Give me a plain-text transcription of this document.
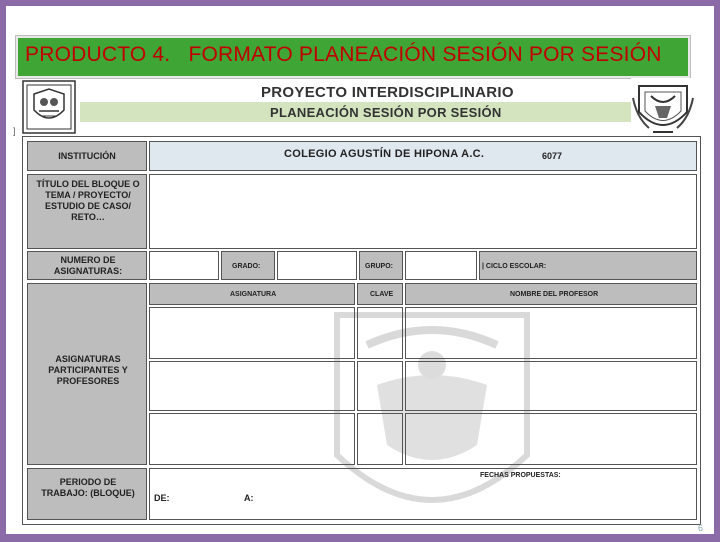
PRODUCTO 4.   FORMATO PLANEACIÓN SESIÓN POR SESIÓN
PROYECTO INTERDISCIPLINARIO
PLANEACIÓN SESIÓN POR SESIÓN
]
INSTITUCIÓN	COLEGIO AGUSTÍN DE HIPONA A.C.	6077
TÍTULO DEL BLOQUE O TEMA / PROYECTO/ ESTUDIO DE CASO/ RETO…
NUMERO DE ASIGNATURAS:	GRADO:	GRUPO:	| CICLO ESCOLAR:
ASIGNATURAS PARTICIPANTES Y PROFESORES
ASIGNATURA	CLAVE	NOMBRE DEL PROFESOR
PERIODO DE TRABAJO: (BLOQUE)
FECHAS PROPUESTAS:
DE:	A:
6
